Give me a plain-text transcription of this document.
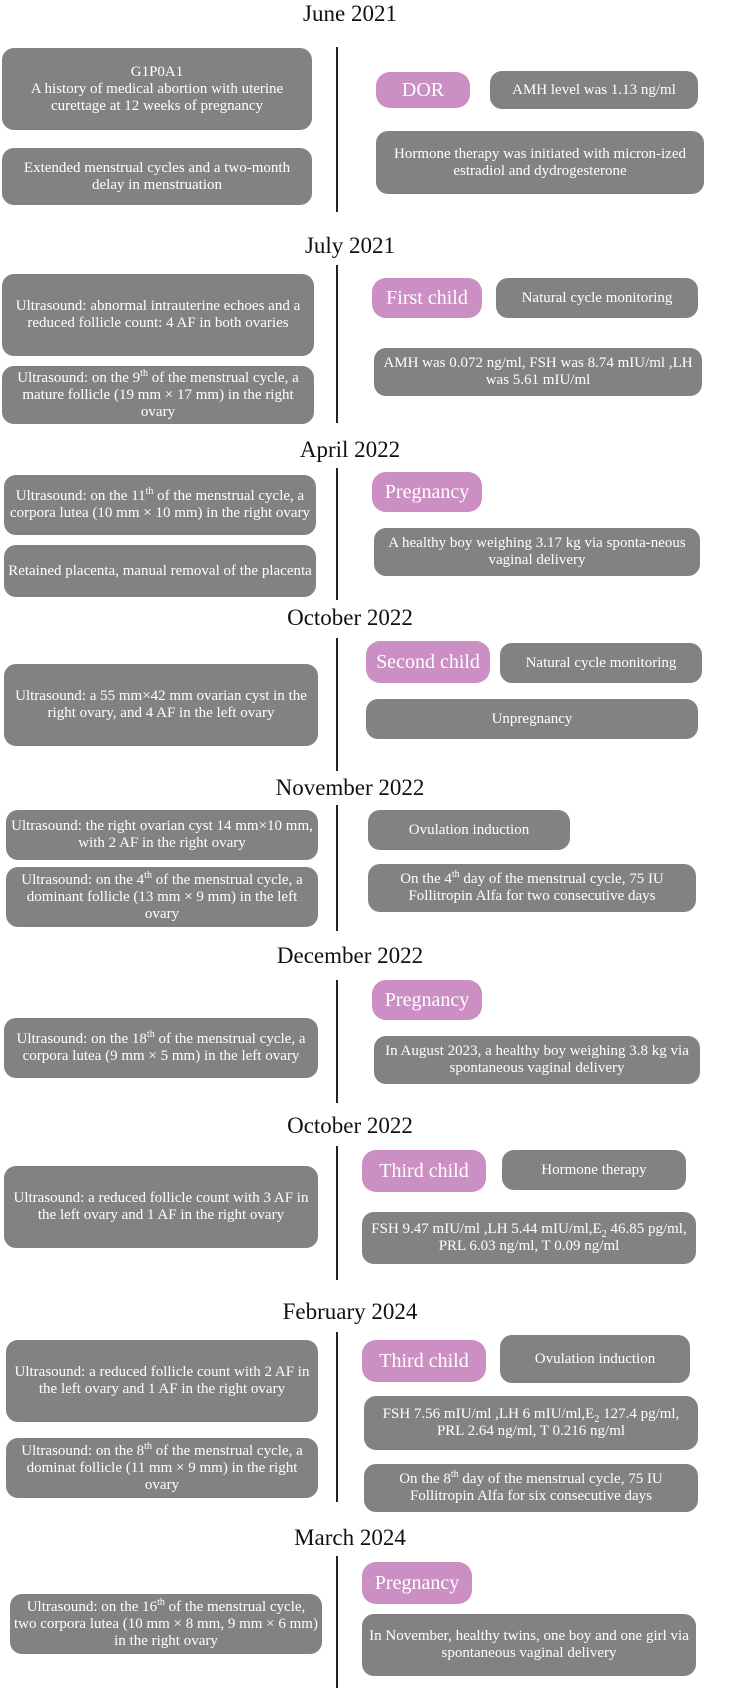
June 2021
G1P0A1
A history of medical abortion with uterine curettage at 12 weeks of pregnancy
Extended menstrual cycles and a two-month delay in menstruation
DOR	AMH level was 1.13 ng/ml
Hormone therapy was initiated with micron-ized estradiol and dydrogesterone
July 2021
Ultrasound: abnormal intrauterine echoes and a reduced follicle count: 4 AF in both ovaries
Ultrasound: on the 9th of the menstrual cycle, a mature follicle (19 mm × 17 mm) in the right ovary
First child	Natural cycle monitoring
AMH was 0.072 ng/ml, FSH was 8.74 mIU/ml ,LH was 5.61 mIU/ml
April 2022
Ultrasound: on the 11th of the menstrual cycle, a corpora lutea (10 mm × 10 mm) in the right ovary
Retained placenta, manual removal of the placenta
Pregnancy
A healthy boy weighing 3.17 kg via sponta-neous vaginal delivery
October 2022
Ultrasound: a 55 mm×42 mm ovarian cyst in the right ovary, and 4 AF in the left ovary
Second child	Natural cycle monitoring
Unpregnancy
November 2022
Ultrasound: the right ovarian cyst 14 mm×10 mm, with 2 AF in the right ovary
Ultrasound: on the 4th of the menstrual cycle, a dominant follicle (13 mm × 9 mm) in the left ovary
Ovulation induction
On the 4th day of the menstrual cycle, 75 IU Follitropin Alfa for two consecutive days
December 2022
Ultrasound: on the 18th of the menstrual cycle, a corpora lutea (9 mm × 5 mm) in the left ovary
Pregnancy
In August 2023, a healthy boy weighing 3.8 kg via spontaneous vaginal delivery
October 2022
Ultrasound: a reduced follicle count with 3 AF in the left ovary and 1 AF in the right ovary
Third child	Hormone therapy
FSH 9.47 mIU/ml ,LH 5.44 mIU/$ml,E_2$ 46.85 pg/ml, PRL 6.03 ng/ml, T 0.09 ng/ml
February 2024
Ultrasound: a reduced follicle count with 2 AF in the left ovary and 1 AF in the right ovary
Ultrasound: on the 8th of the menstrual cycle, a dominat follicle (11 mm × 9 mm) in the right ovary
Third child	Ovulation induction
FSH 7.56 mIU/ml ,LH 6 mIU/$ml,E_2$ 127.4 pg/ml, PRL 2.64 ng/ml, T 0.216 ng/ml
On the 8th day of the menstrual cycle, 75 IU Follitropin Alfa for six consecutive days
March 2024
Ultrasound: on the 16th of the menstrual cycle, two corpora lutea (10 mm × 8 mm, 9 mm × 6 mm) in the right ovary
Pregnancy
In November, healthy twins, one boy and one girl via spontaneous vaginal delivery
